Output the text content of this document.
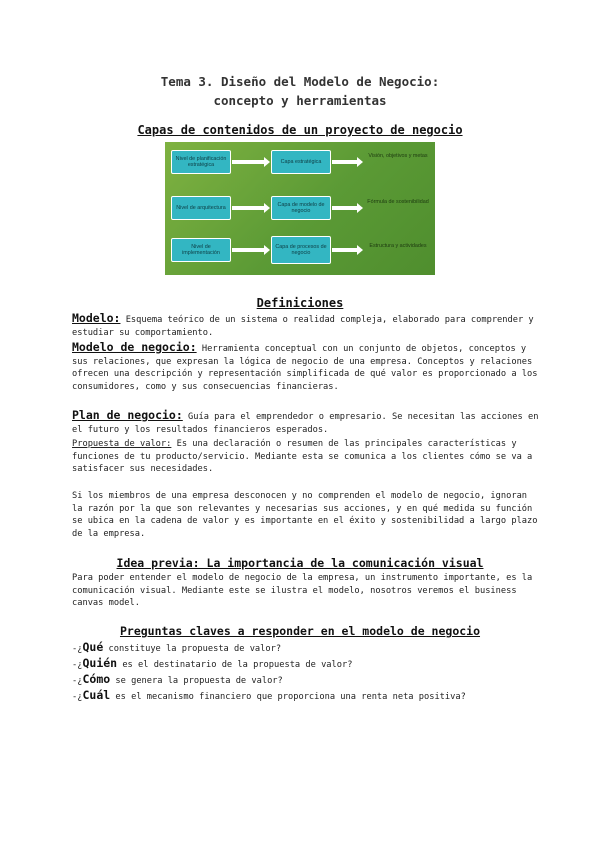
Tema 3. Diseño del Modelo de Negocio:
concepto y herramientas
Capas de contenidos de un proyecto de negocio
Nivel de planificación estratégica
Capa estratégica
Visión, objetivos y metas
Nivel de arquitectura
Capa de modelo de negocio
Fórmula de sostenibilidad
Nivel de implementación
Capa de procesos de negocio
Estructura y actividades
Definiciones
Modelo: Esquema teórico de un sistema o realidad compleja, elaborado para comprender y estudiar su comportamiento.
Modelo de negocio: Herramienta conceptual con un conjunto de objetos, conceptos y sus relaciones, que expresan la lógica de negocio de una empresa. Conceptos y relaciones ofrecen una descripción y representación simplificada de qué valor es proporcionado a los consumidores, como y sus consecuencias financieras.
Plan de negocio: Guía para el emprendedor o empresario. Se necesitan las acciones en el futuro y los resultados financieros esperados.
Propuesta de valor: Es una declaración o resumen de las principales características y funciones de tu producto/servicio. Mediante esta se comunica a los clientes cómo se va a satisfacer sus necesidades.
Si los miembros de una empresa desconocen y no comprenden el modelo de negocio, ignoran la razón por la que son relevantes y necesarias sus acciones, y en qué medida su función se ubica en la cadena de valor y es importante en el éxito y sostenibilidad a largo plazo de la empresa.
Idea previa: La importancia de la comunicación visual
Para poder entender el modelo de negocio de la empresa, un instrumento importante, es la comunicación visual. Mediante este se ilustra el modelo, nosotros veremos el business canvas model.
Preguntas claves a responder en el modelo de negocio
-¿Qué constituye la propuesta de valor?
-¿Quién es el destinatario de la propuesta de valor?
-¿Cómo se genera la propuesta de valor?
-¿Cuál es el mecanismo financiero que proporciona una renta neta positiva?
